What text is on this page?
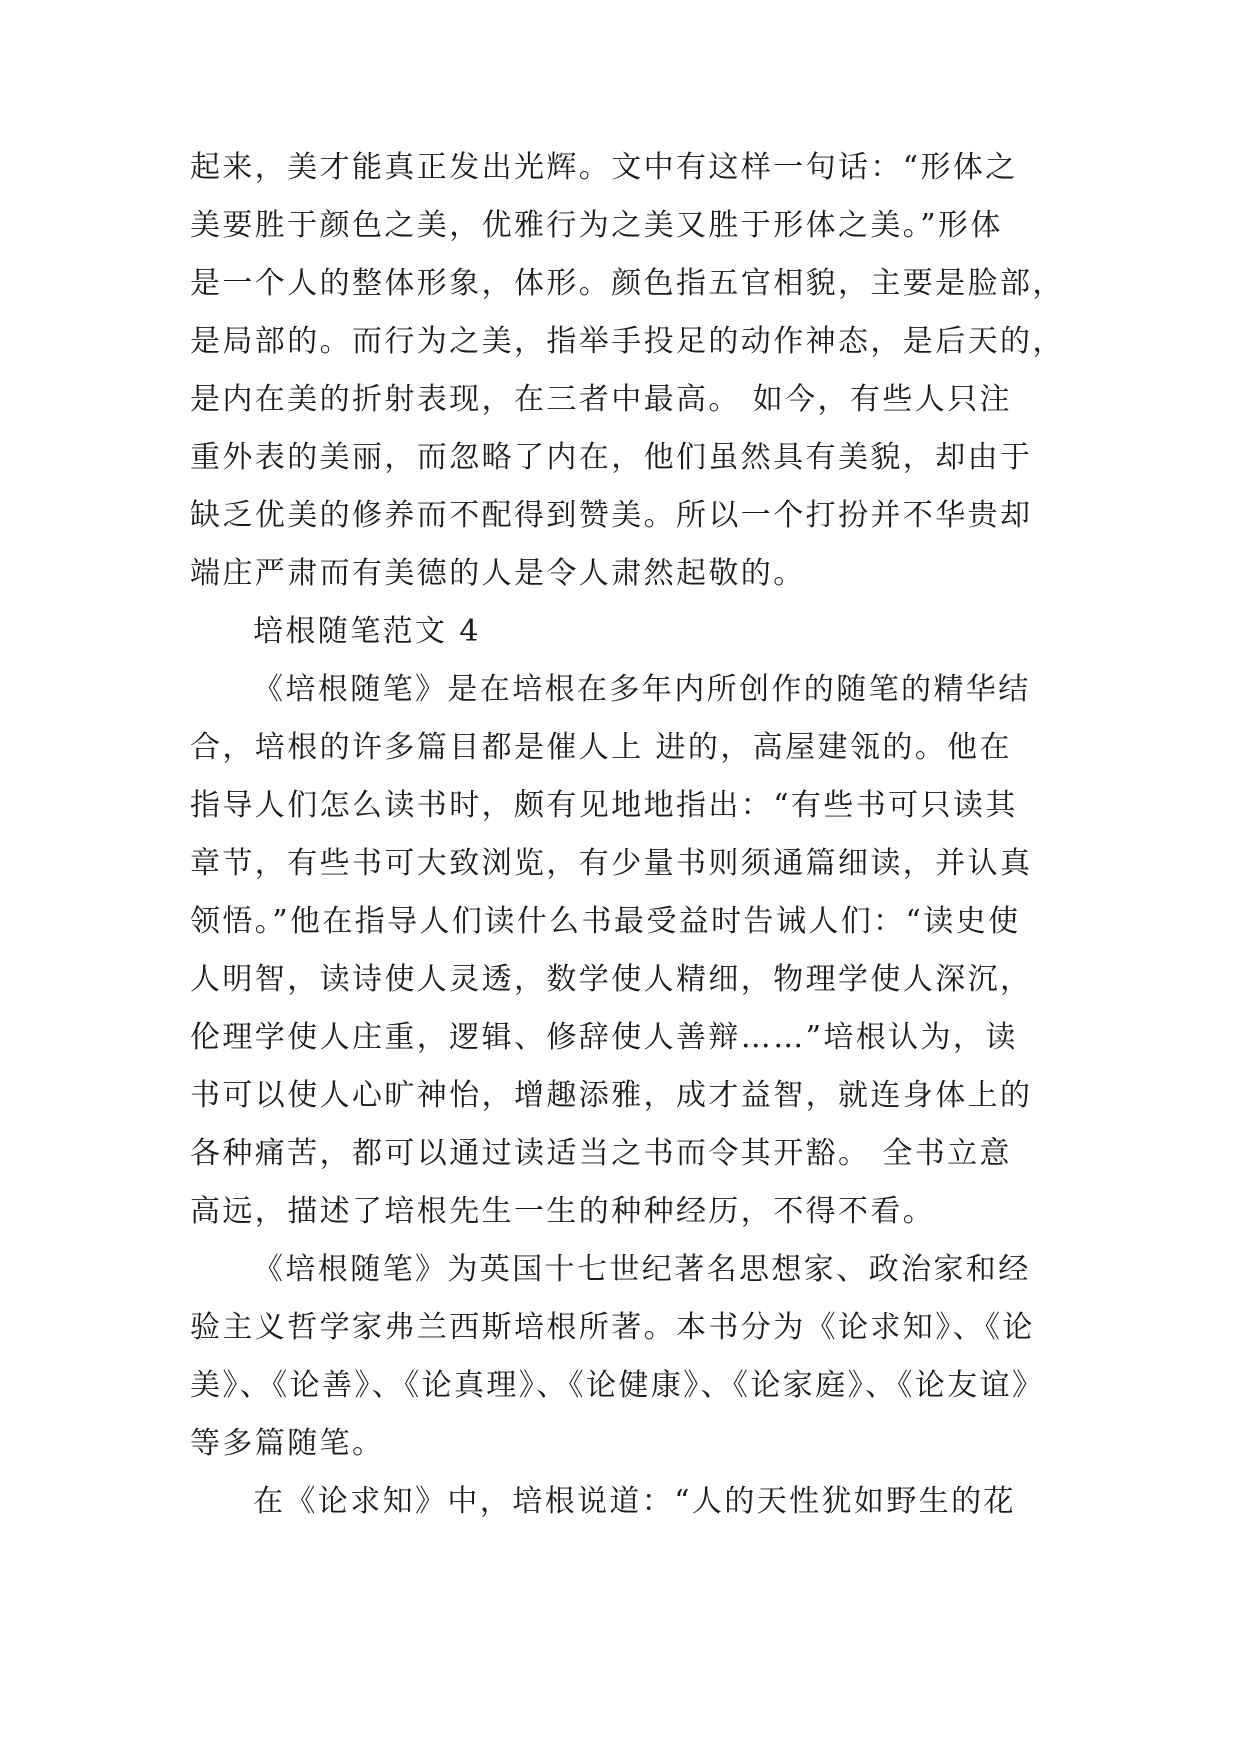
起来，美才能真正发出光辉。文中有这样一句话：“形体之
美要胜于颜色之美，优雅行为之美又胜于形体之美。”形体
是一个人的整体形象，体形。颜色指五官相貌，主要是脸部，
是局部的。而行为之美，指举手投足的动作神态，是后天的，
是内在美的折射表现，在三者中最高。 如今，有些人只注
重外表的美丽，而忽略了内在，他们虽然具有美貌，却由于
缺乏优美的修养而不配得到赞美。所以一个打扮并不华贵却
端庄严肃而有美德的人是令人肃然起敬的。
培根随笔范文 4
《培根随笔》是在培根在多年内所创作的随笔的精华结
合，培根的许多篇目都是催人上 进的，高屋建瓴的。他在
指导人们怎么读书时，颇有见地地指出：“有些书可只读其
章节，有些书可大致浏览，有少量书则须通篇细读，并认真
领悟。”他在指导人们读什么书最受益时告诫人们：“读史使
人明智，读诗使人灵透，数学使人精细，物理学使人深沉，
伦理学使人庄重，逻辑、修辞使人善辩……”培根认为，读
书可以使人心旷神怡，增趣添雅，成才益智，就连身体上的
各种痛苦，都可以通过读适当之书而令其开豁。 全书立意
高远，描述了培根先生一生的种种经历，不得不看。
《培根随笔》为英国十七世纪著名思想家、政治家和经
验主义哲学家弗兰西斯培根所著。本书分为《论求知》、《论
美》、《论善》、《论真理》、《论健康》、《论家庭》、《论友谊》
等多篇随笔。
在《论求知》中，培根说道：“人的天性犹如野生的花
